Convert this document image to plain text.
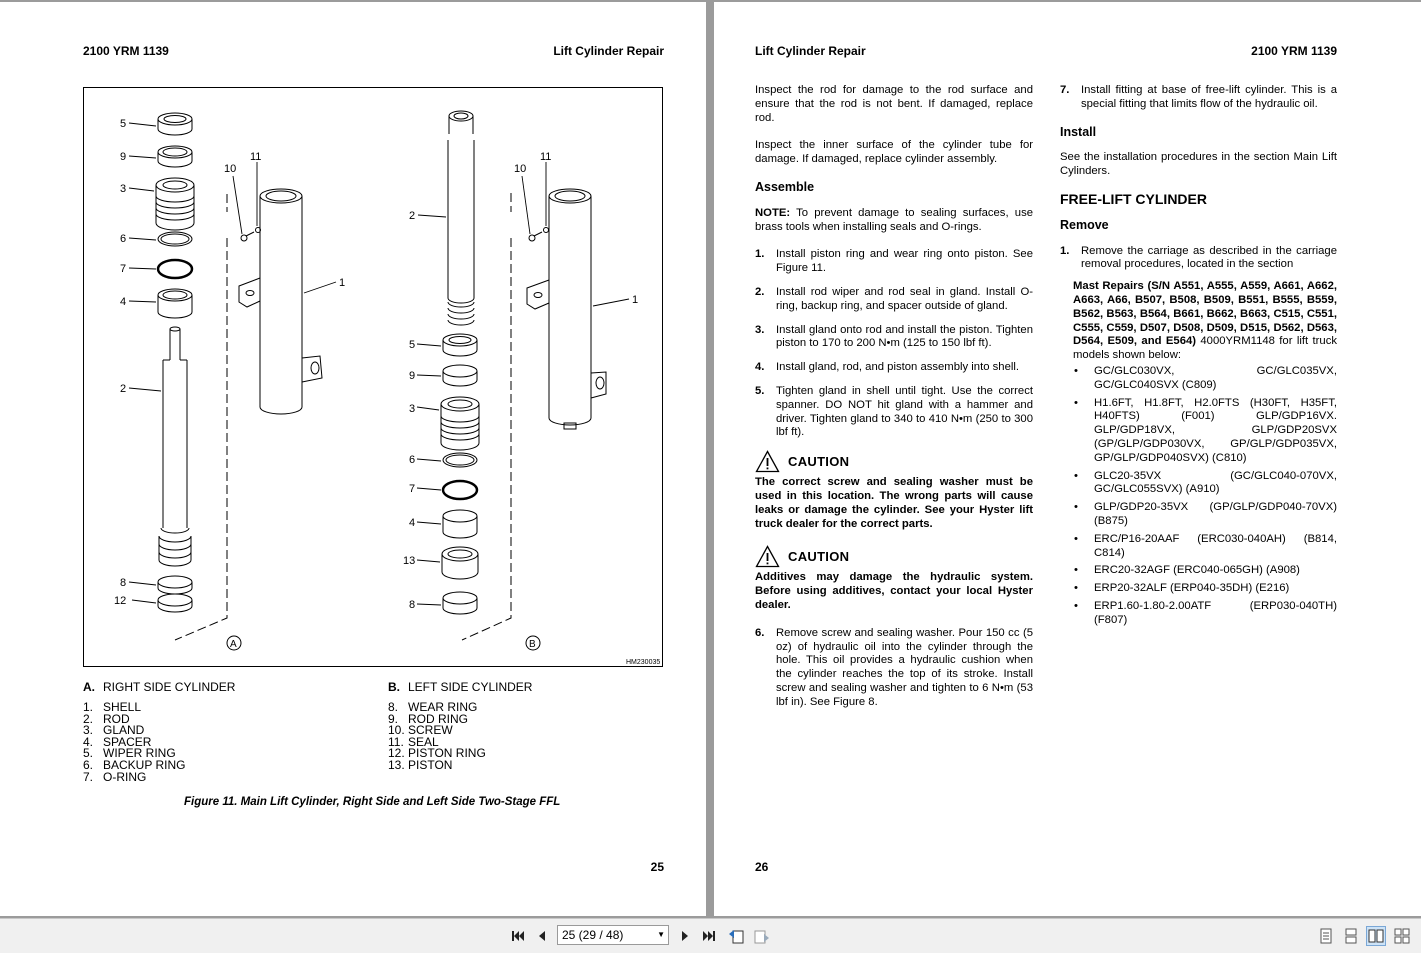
2100 YRM 1139	Lift Cylinder Repair
5
9
3
6
7
4
2
8
12
10
11
1
2
5
9
3
6
7
4
13
8
10
11
1
A	B
HM230035
A. RIGHT SIDE CYLINDER	B. LEFT SIDE CYLINDER
1. SHELL
2. ROD
3. GLAND
4. SPACER
5. WIPER RING
6. BACKUP RING
7. O-RING
8. WEAR RING
9. ROD RING
10. SCREW
11. SEAL
12. PISTON RING
13. PISTON
Figure 11. Main Lift Cylinder, Right Side and Left Side Two-Stage FFL
25
Lift Cylinder Repair	2100 YRM 1139

Inspect the rod for damage to the rod surface and ensure that the rod is not bent. If damaged, replace rod.

Inspect the inner surface of the cylinder tube for damage. If damaged, replace cylinder assembly.

Assemble

NOTE: To prevent damage to sealing surfaces, use brass tools when installing seals and O-rings.

1.	Install piston ring and wear ring onto piston. See Figure 11.
2.	Install rod wiper and rod seal in gland. Install O-ring, backup ring, and spacer outside of gland.
3.	Install gland onto rod and install the piston. Tighten piston to 170 to 200 N•m (125 to 150 lbf ft).
4.	Install gland, rod, and piston assembly into shell.
5.	Tighten gland in shell until tight. Use the correct spanner. DO NOT hit gland with a hammer and driver. Tighten gland to 340 to 410 N•m (250 to 300 lbf ft).
CAUTION
The correct screw and sealing washer must be used in this location. The wrong parts will cause leaks or damage the cylinder. See your Hyster lift truck dealer for the correct parts.
CAUTION
Additives may damage the hydraulic system. Before using additives, contact your local Hyster dealer.
6.	Remove screw and sealing washer. Pour 150 cc (5 oz) of hydraulic oil into the cylinder through the hole. This oil provides a hydraulic cushion when the cylinder reaches the top of its stroke. Install screw and sealing washer and tighten to 6 N•m (53 lbf in). See Figure 8.
7.	Install fitting at base of free-lift cylinder. This is a special fitting that limits flow of the hydraulic oil.
Install

See the installation procedures in the section Main Lift Cylinders.

FREE-LIFT CYLINDER
Remove
1.	Remove the carriage as described in the carriage removal procedures, located in the section
Mast Repairs (S/N A551, A555, A559, A661, A662, A663, A66, B507, B508, B509, B551, B555, B559, B562, B563, B564, B661, B662, B663, C515, C551, C555, C559, D507, D508, D509, D515, D562, D563, D564, E509, and E564) 4000YRM1148 for lift truck models shown below:
• GC/GLC030VX, GC/GLC035VX, GC/GLC040SVX (C809)
• H1.6FT, H1.8FT, H2.0FTS (H30FT, H35FT, H40FTS) (F001) GLP/GDP16VX. GLP/GDP18VX, GLP/GDP20SVX (GP/GLP/GDP030VX, GP/GLP/GDP035VX, GP/GLP/GDP040SVX) (C810)
• GLC20-35VX (GC/GLC040-070VX, GC/GLC055SVX) (A910)
• GLP/GDP20-35VX (GP/GLP/GDP040-70VX) (B875)
• ERC/P16-20AAF (ERC030-040AH) (B814, C814)
• ERC20-32AGF (ERC040-065GH) (A908)
• ERP20-32ALF (ERP040-35DH) (E216)
• ERP1.60-1.80-2.00ATF (ERP030-040TH) (F807)
26
25 (29 / 48)	▼
